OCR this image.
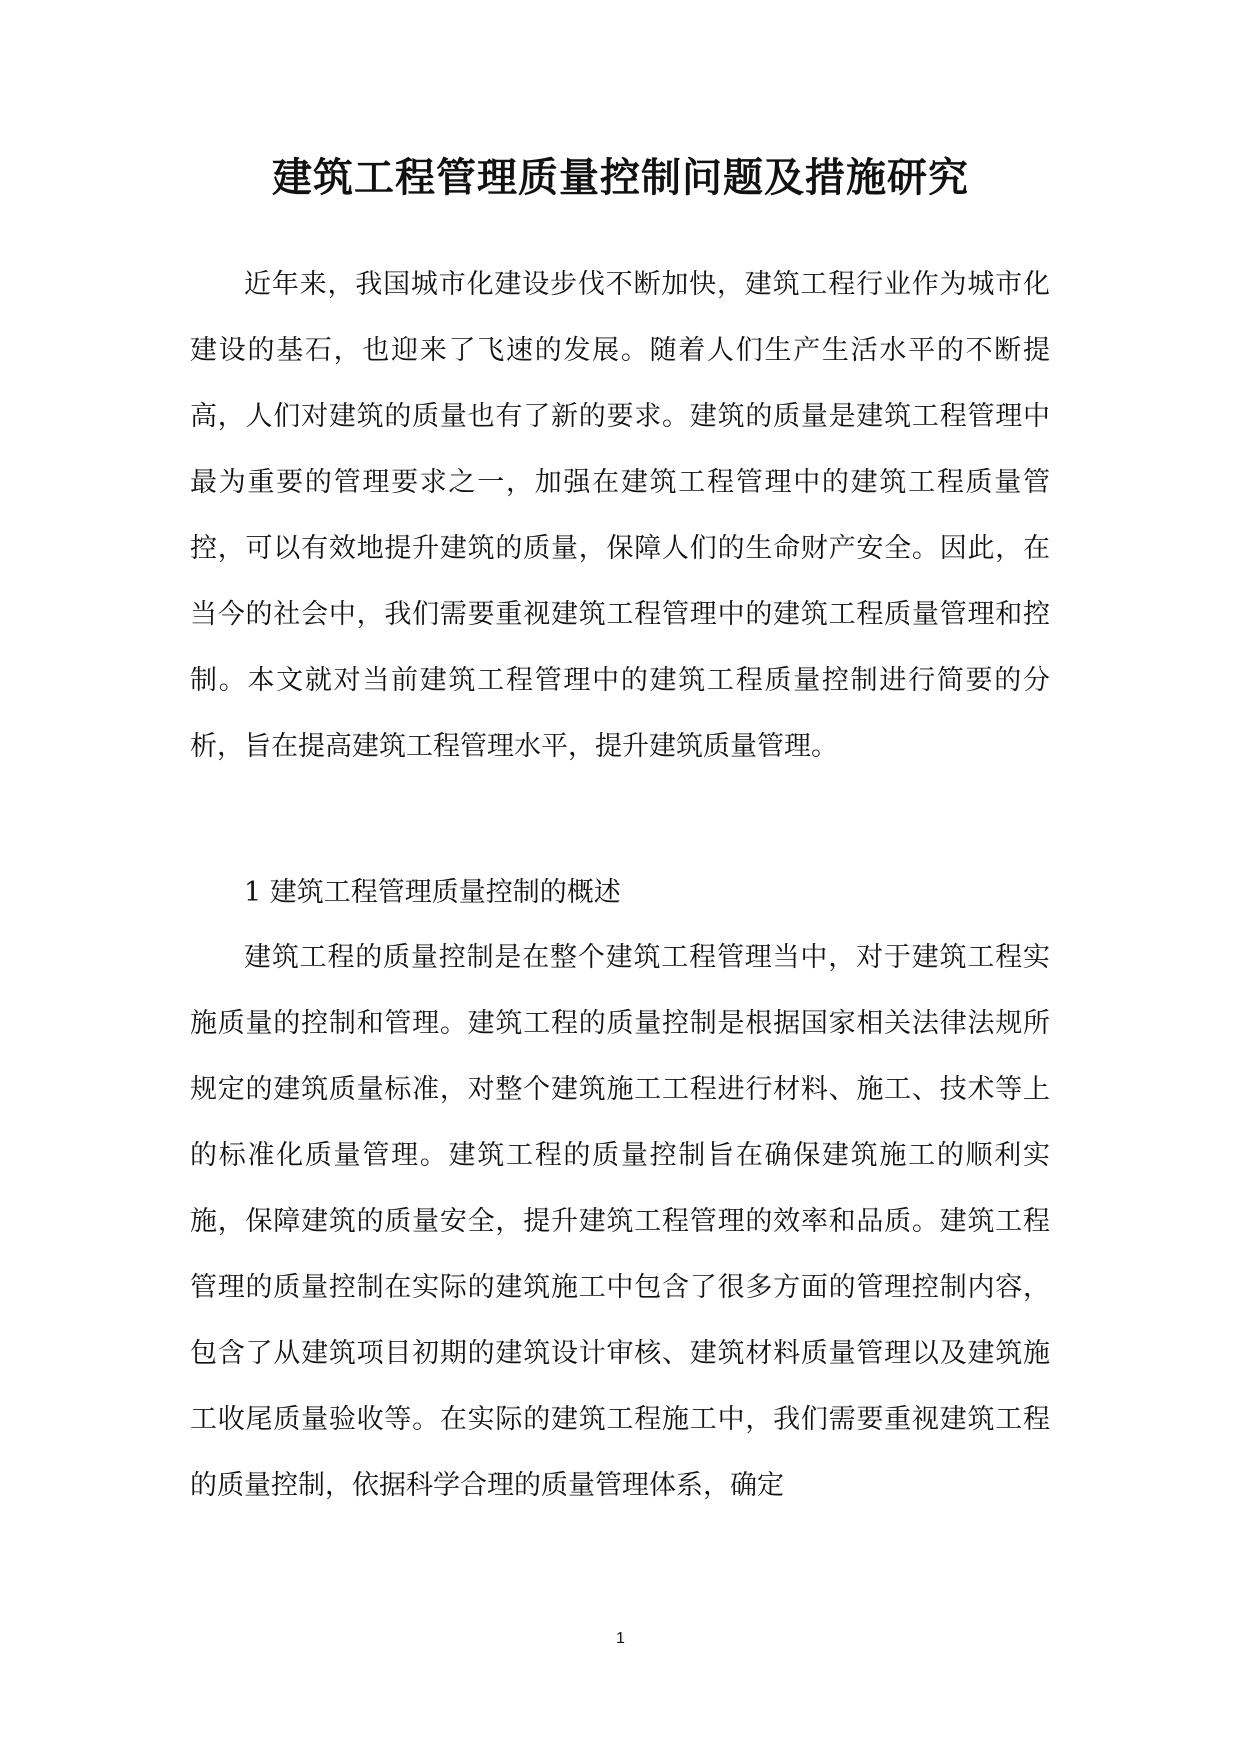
建筑工程管理质量控制问题及措施研究

近年来，我国城市化建设步伐不断加快，建筑工程行业作为城市化建设的基石，也迎来了飞速的发展。随着人们生产生活水平的不断提高，人们对建筑的质量也有了新的要求。建筑的质量是建筑工程管理中最为重要的管理要求之一，加强在建筑工程管理中的建筑工程质量管控，可以有效地提升建筑的质量，保障人们的生命财产安全。因此，在当今的社会中，我们需要重视建筑工程管理中的建筑工程质量管理和控制。本文就对当前建筑工程管理中的建筑工程质量控制进行简要的分析，旨在提高建筑工程管理水平，提升建筑质量管理。

1 建筑工程管理质量控制的概述

建筑工程的质量控制是在整个建筑工程管理当中，对于建筑工程实施质量的控制和管理。建筑工程的质量控制是根据国家相关法律法规所规定的建筑质量标准，对整个建筑施工工程进行材料、施工、技术等上的标准化质量管理。建筑工程的质量控制旨在确保建筑施工的顺利实施，保障建筑的质量安全，提升建筑工程管理的效率和品质。建筑工程管理的质量控制在实际的建筑施工中包含了很多方面的管理控制内容，包含了从建筑项目初期的建筑设计审核、建筑材料质量管理以及建筑施工收尾质量验收等。在实际的建筑工程施工中，我们需要重视建筑工程的质量控制，依据科学合理的质量管理体系，确定

1
